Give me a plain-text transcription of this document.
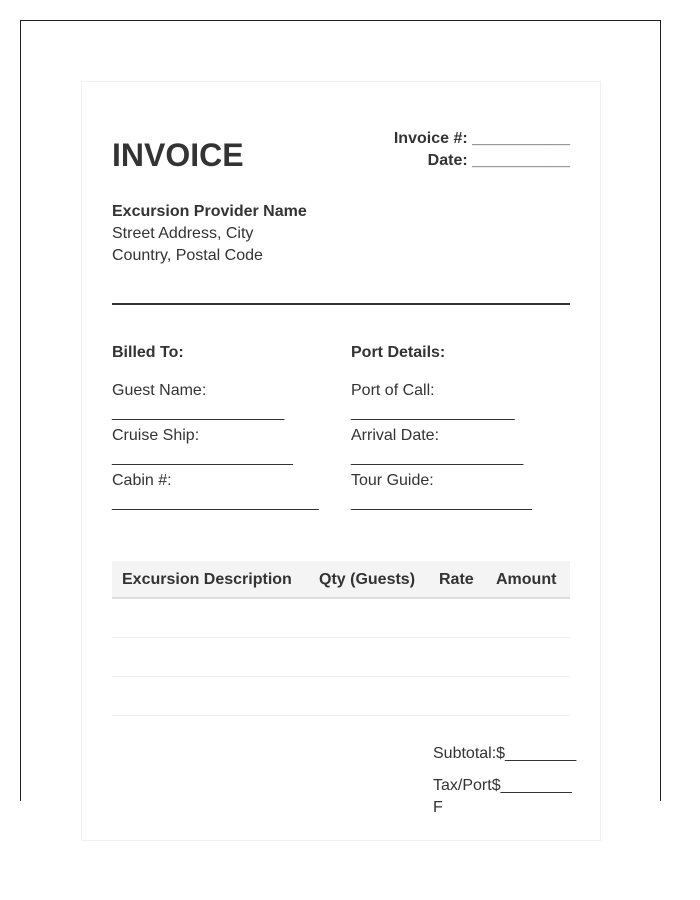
INVOICE	Invoice #: ___________
Date: ___________
Excursion Provider Name
Street Address, City
Country, Postal Code
Billed To:
Guest Name:
____________________
Cruise Ship:
_____________________
Cabin #:
________________________
Port Details:
Port of Call:
___________________
Arrival Date:
____________________
Tour Guide:
_____________________
Excursion Description Qty (Guests) Rate Amount
Subtotal:$________
Tax/Port$________
F
